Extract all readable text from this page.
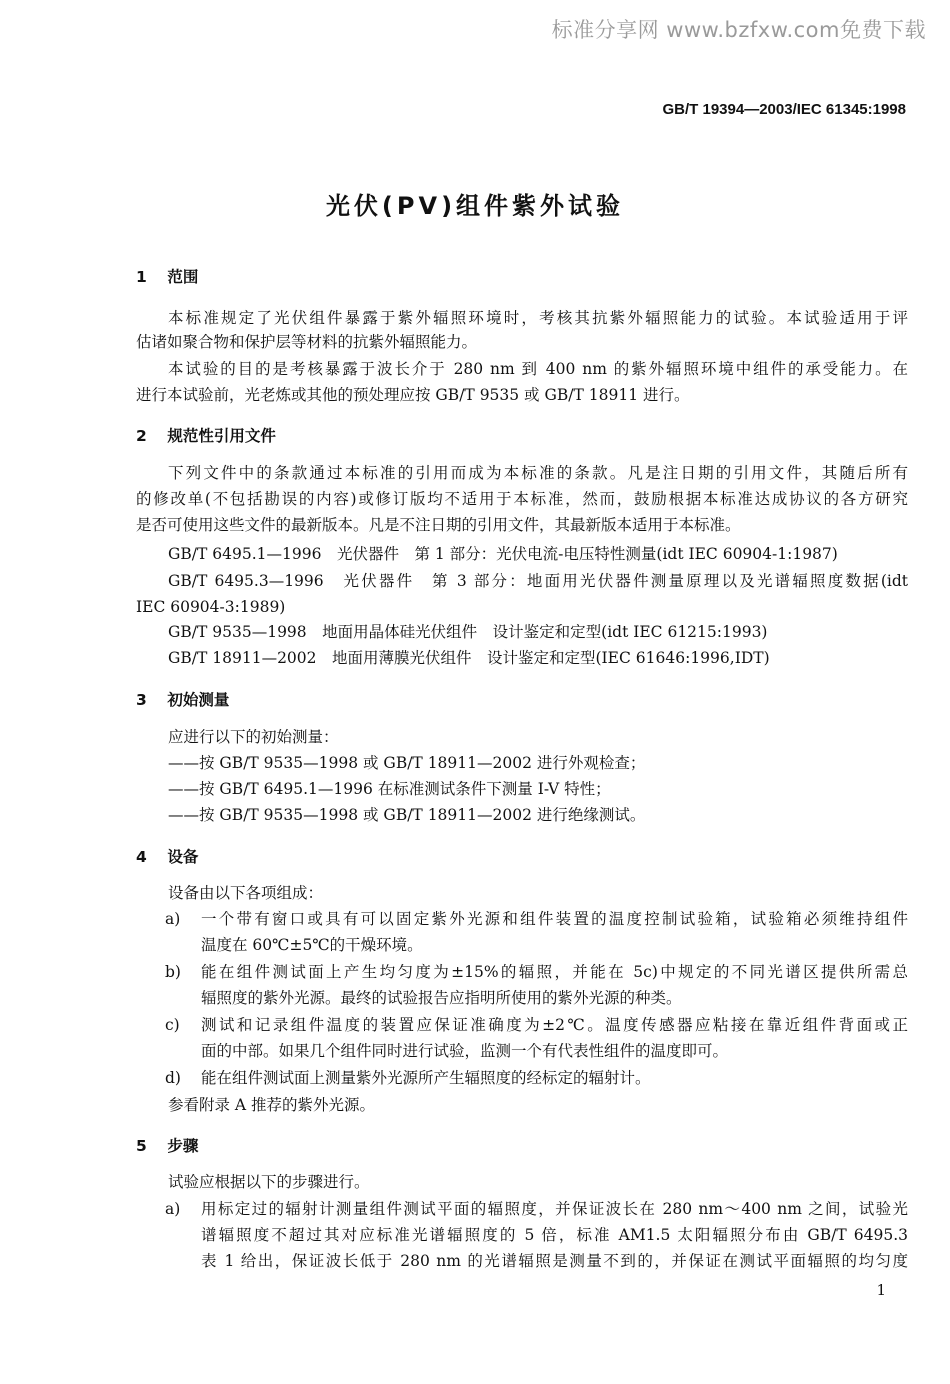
标准分享网 www.bzfxw.com免费下载
GB/T 19394—2003/IEC 61345:1998
光伏(PV)组件紫外试验
1 范围
本标准规定了光伏组件暴露于紫外辐照环境时，考核其抗紫外辐照能力的试验。本试验适用于评
估诸如聚合物和保护层等材料的抗紫外辐照能力。
本试验的目的是考核暴露于波长介于 280 nm 到 400 nm 的紫外辐照环境中组件的承受能力。在
进行本试验前，光老炼或其他的预处理应按 GB/T 9535 或 GB/T 18911 进行。
2 规范性引用文件
下列文件中的条款通过本标准的引用而成为本标准的条款。凡是注日期的引用文件，其随后所有
的修改单(不包括勘误的内容)或修订版均不适用于本标准，然而，鼓励根据本标准达成协议的各方研究
是否可使用这些文件的最新版本。凡是不注日期的引用文件，其最新版本适用于本标准。
GB/T 6495.1—1996　光伏器件　第 1 部分：光伏电流-电压特性测量(idt IEC 60904-1:1987)
GB/T 6495.3—1996　光伏器件　第 3 部分：地面用光伏器件测量原理以及光谱辐照度数据(idt
IEC 60904-3:1989)
GB/T 9535—1998　地面用晶体硅光伏组件　设计鉴定和定型(idt IEC 61215:1993)
GB/T 18911—2002　地面用薄膜光伏组件　设计鉴定和定型(IEC 61646:1996,IDT)
3 初始测量
应进行以下的初始测量：
——按 GB/T 9535—1998 或 GB/T 18911—2002 进行外观检查；
——按 GB/T 6495.1—1996 在标准测试条件下测量 I-V 特性；
——按 GB/T 9535—1998 或 GB/T 18911—2002 进行绝缘测试。
4 设备
设备由以下各项组成：
a) 一个带有窗口或具有可以固定紫外光源和组件装置的温度控制试验箱，试验箱必须维持组件
温度在 60℃±5℃的干燥环境。
b) 能在组件测试面上产生均匀度为±15%的辐照，并能在 5c)中规定的不同光谱区提供所需总
辐照度的紫外光源。最终的试验报告应指明所使用的紫外光源的种类。
c) 测试和记录组件温度的装置应保证准确度为±2℃。温度传感器应粘接在靠近组件背面或正
面的中部。如果几个组件同时进行试验，监测一个有代表性组件的温度即可。
d) 能在组件测试面上测量紫外光源所产生辐照度的经标定的辐射计。
参看附录 A 推荐的紫外光源。
5 步骤
试验应根据以下的步骤进行。
a) 用标定过的辐射计测量组件测试平面的辐照度，并保证波长在 280 nm～400 nm 之间，试验光
谱辐照度不超过其对应标准光谱辐照度的 5 倍，标准 AM1.5 太阳辐照分布由 GB/T 6495.3
表 1 给出，保证波长低于 280 nm 的光谱辐照是测量不到的，并保证在测试平面辐照的均匀度
1
